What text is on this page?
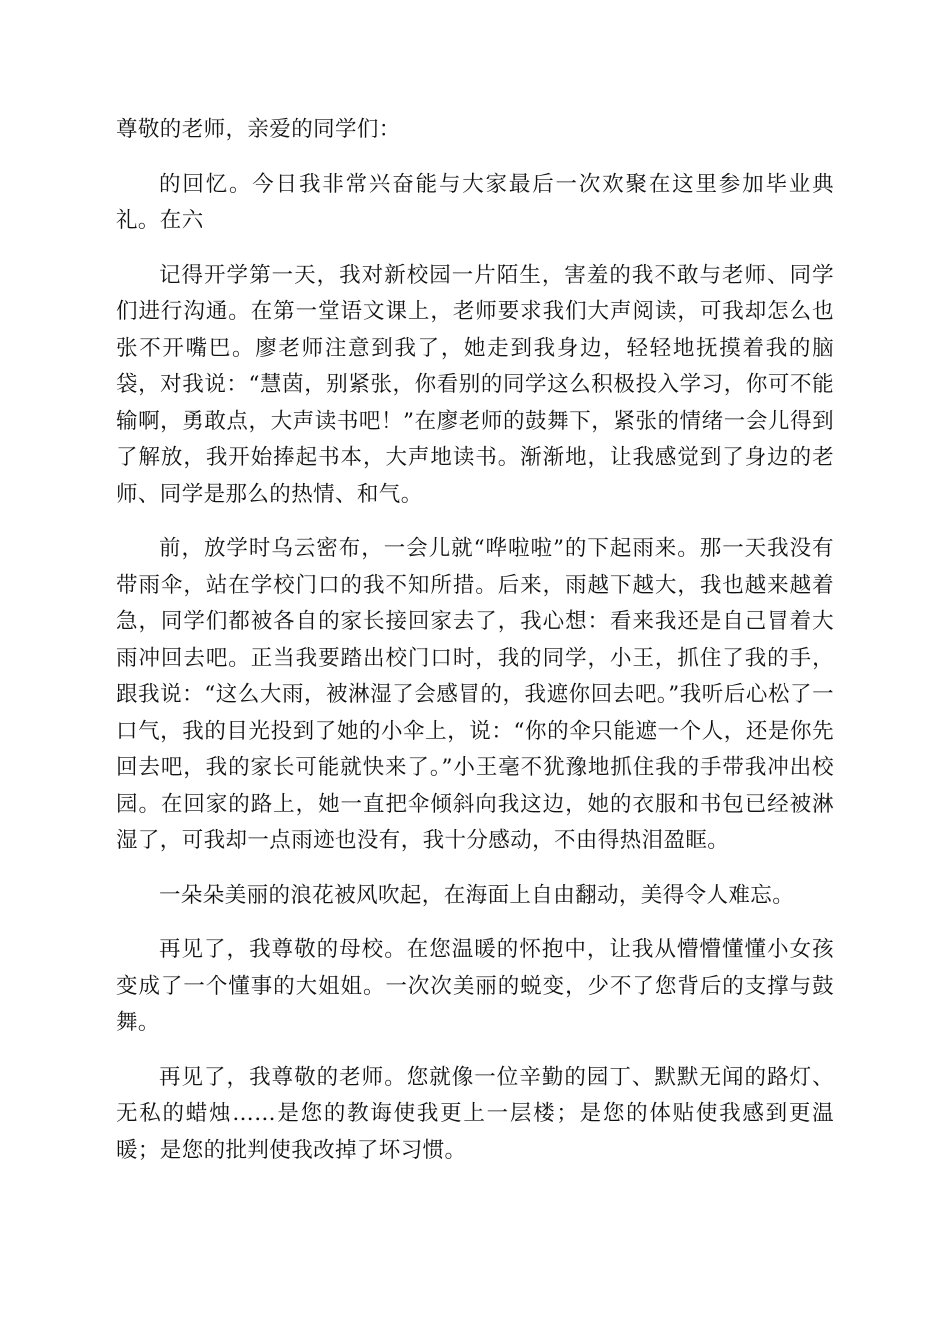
尊敬的老师，亲爱的同学们：

的回忆。今日我非常兴奋能与大家最后一次欢聚在这里参加毕业典礼。在六

记得开学第一天，我对新校园一片陌生，害羞的我不敢与老师、同学们进行沟通。在第一堂语文课上，老师要求我们大声阅读，可我却怎么也张不开嘴巴。廖老师注意到我了，她走到我身边，轻轻地抚摸着我的脑袋，对我说：“慧茵，别紧张，你看别的同学这么积极投入学习，你可不能输啊，勇敢点，大声读书吧！”在廖老师的鼓舞下，紧张的情绪一会儿得到了解放，我开始捧起书本，大声地读书。渐渐地，让我感觉到了身边的老师、同学是那么的热情、和气。

前，放学时乌云密布，一会儿就“哗啦啦”的下起雨来。那一天我没有带雨伞，站在学校门口的我不知所措。后来，雨越下越大，我也越来越着急，同学们都被各自的家长接回家去了，我心想：看来我还是自己冒着大雨冲回去吧。正当我要踏出校门口时，我的同学，小王，抓住了我的手，跟我说：“这么大雨，被淋湿了会感冒的，我遮你回去吧。”我听后心松了一口气，我的目光投到了她的小伞上，说：“你的伞只能遮一个人，还是你先回去吧，我的家长可能就快来了。”小王毫不犹豫地抓住我的手带我冲出校园。在回家的路上，她一直把伞倾斜向我这边，她的衣服和书包已经被淋湿了，可我却一点雨迹也没有，我十分感动，不由得热泪盈眶。

一朵朵美丽的浪花被风吹起，在海面上自由翻动，美得令人难忘。

再见了，我尊敬的母校。在您温暖的怀抱中，让我从懵懵懂懂小女孩变成了一个懂事的大姐姐。一次次美丽的蜕变，少不了您背后的支撑与鼓舞。

再见了，我尊敬的老师。您就像一位辛勤的园丁、默默无闻的路灯、无私的蜡烛……是您的教诲使我更上一层楼；是您的体贴使我感到更温暖；是您的批判使我改掉了坏习惯。
